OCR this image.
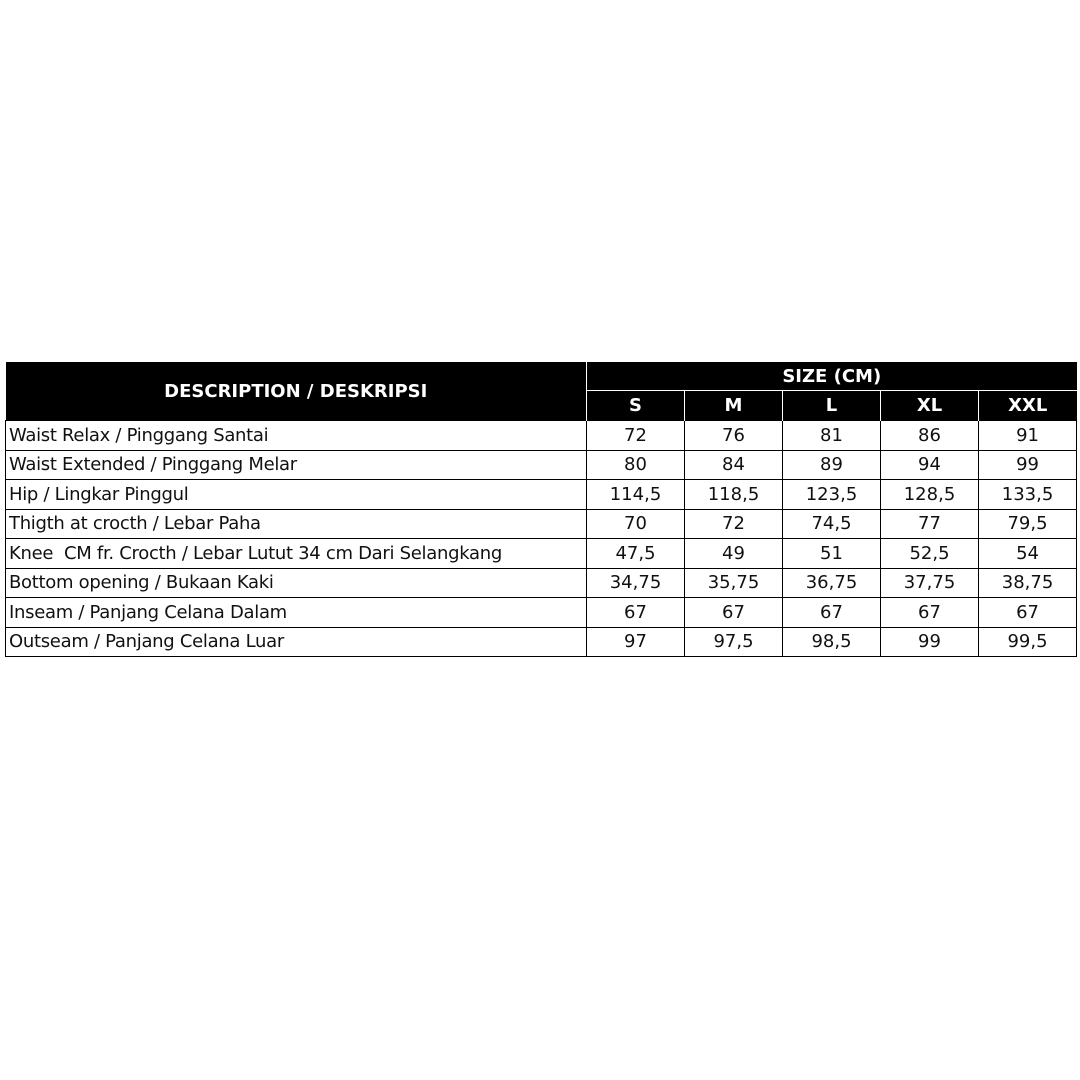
DESCRIPTION / DESKRIPSI	SIZE (CM)				
	S	M	L	XL	XXL
Waist Relax / Pinggang Santai	72	76	81	86	91
Waist Extended / Pinggang Melar	80	84	89	94	99
Hip / Lingkar Pinggul	114,5	118,5	123,5	128,5	133,5
Thigth at crocth / Lebar Paha	70	72	74,5	77	79,5
Knee  CM fr. Crocth / Lebar Lutut 34 cm Dari Selangkang	47,5	49	51	52,5	54
Bottom opening / Bukaan Kaki	34,75	35,75	36,75	37,75	38,75
Inseam / Panjang Celana Dalam	67	67	67	67	67
Outseam / Panjang Celana Luar	97	97,5	98,5	99	99,5
